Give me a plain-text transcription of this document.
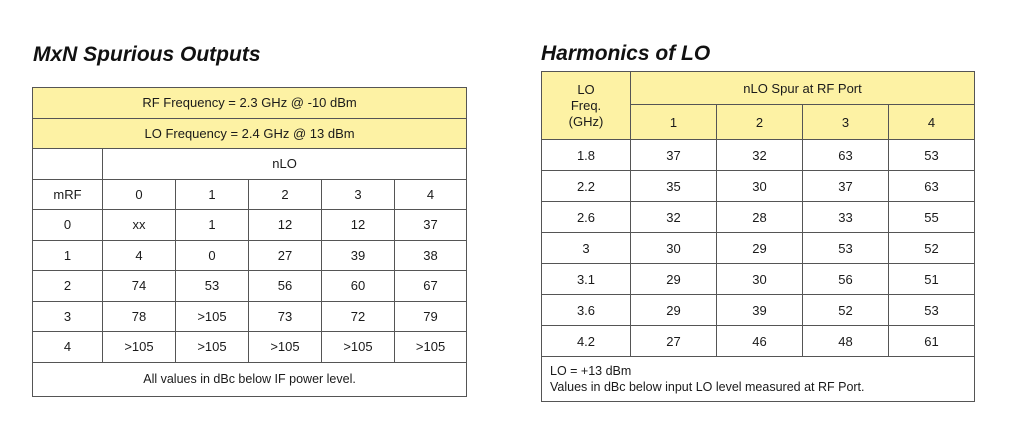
MxN Spurious Outputs
RF Frequency = 2.3 GHz @ -10 dBm					
LO Frequency = 2.4 GHz @ 13 dBm					
	nLO				
mRF	0	1	2	3	4
0	xx	1	12	12	37
1	4	0	27	39	38
2	74	53	56	60	67
3	78	>105	73	72	79
4	>105	>105	>105	>105	>105
All values in dBc below IF power level.					
Harmonics of LO
LO
Freq.
(GHz)	nLO Spur at RF Port			
	1	2	3	4
1.8	37	32	63	53
2.2	35	30	37	63
2.6	32	28	33	55
3	30	29	53	52
3.1	29	30	56	51
3.6	29	39	52	53
4.2	27	46	48	61

LO = +13 dBm
Values in dBc below input LO level measured at RF Port.				
